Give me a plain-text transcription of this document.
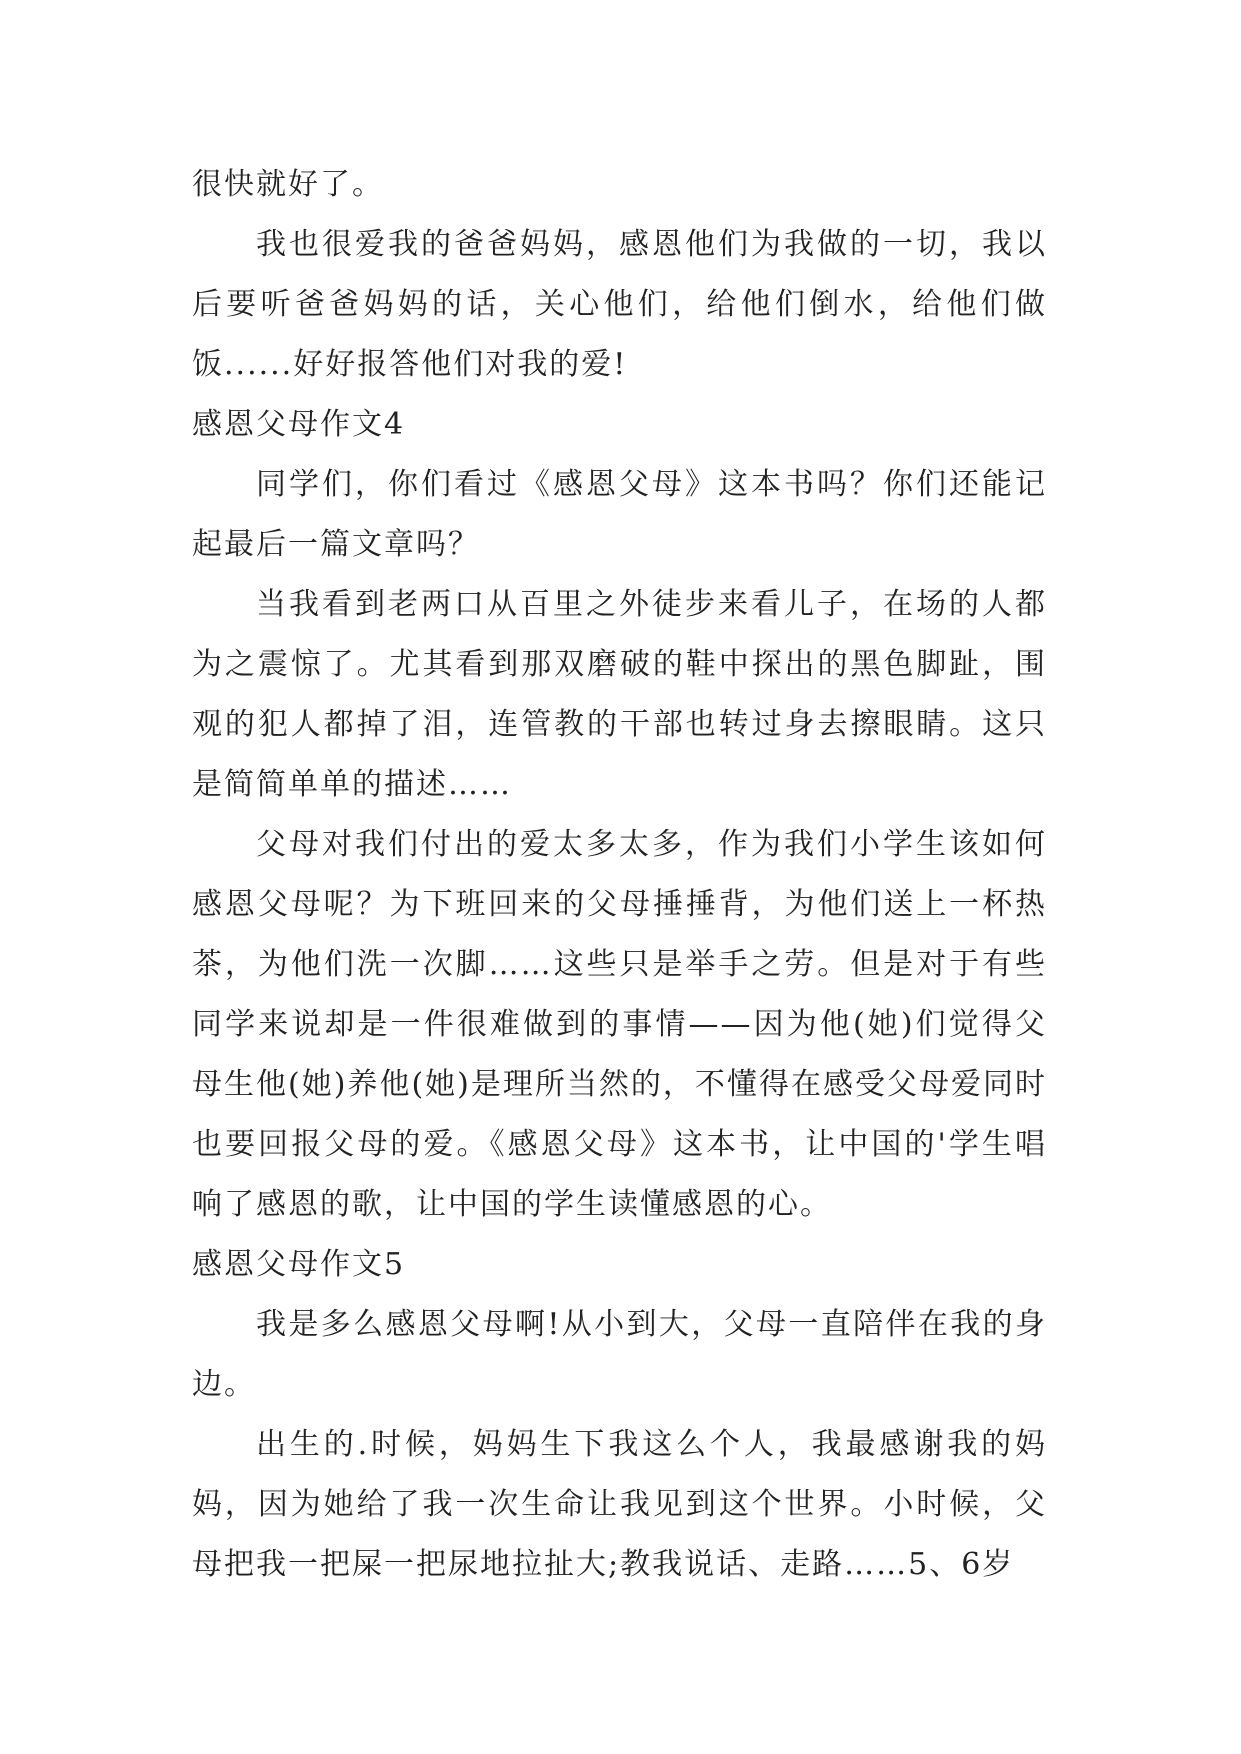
很快就好了。

我也很爱我的爸爸妈妈，感恩他们为我做的一切，我以后要听爸爸妈妈的话，关心他们，给他们倒水，给他们做饭......好好报答他们对我的爱!

感恩父母作文4

同学们，你们看过《感恩父母》这本书吗？你们还能记起最后一篇文章吗？

当我看到老两口从百里之外徒步来看儿子，在场的人都为之震惊了。尤其看到那双磨破的鞋中探出的黑色脚趾，围观的犯人都掉了泪，连管教的干部也转过身去擦眼睛。这只是简简单单的描述……

父母对我们付出的爱太多太多，作为我们小学生该如何感恩父母呢？为下班回来的父母捶捶背，为他们送上一杯热茶，为他们洗一次脚……这些只是举手之劳。但是对于有些同学来说却是一件很难做到的事情——因为他(她)们觉得父母生他(她)养他(她)是理所当然的，不懂得在感受父母爱同时也要回报父母的爱。《感恩父母》这本书，让中国的'学生唱响了感恩的歌，让中国的学生读懂感恩的心。

感恩父母作文5

我是多么感恩父母啊!从小到大，父母一直陪伴在我的身边。

出生的.时候，妈妈生下我这么个人，我最感谢我的妈妈，因为她给了我一次生命让我见到这个世界。小时候，父母把我一把屎一把尿地拉扯大;教我说话、走路……5、6岁
